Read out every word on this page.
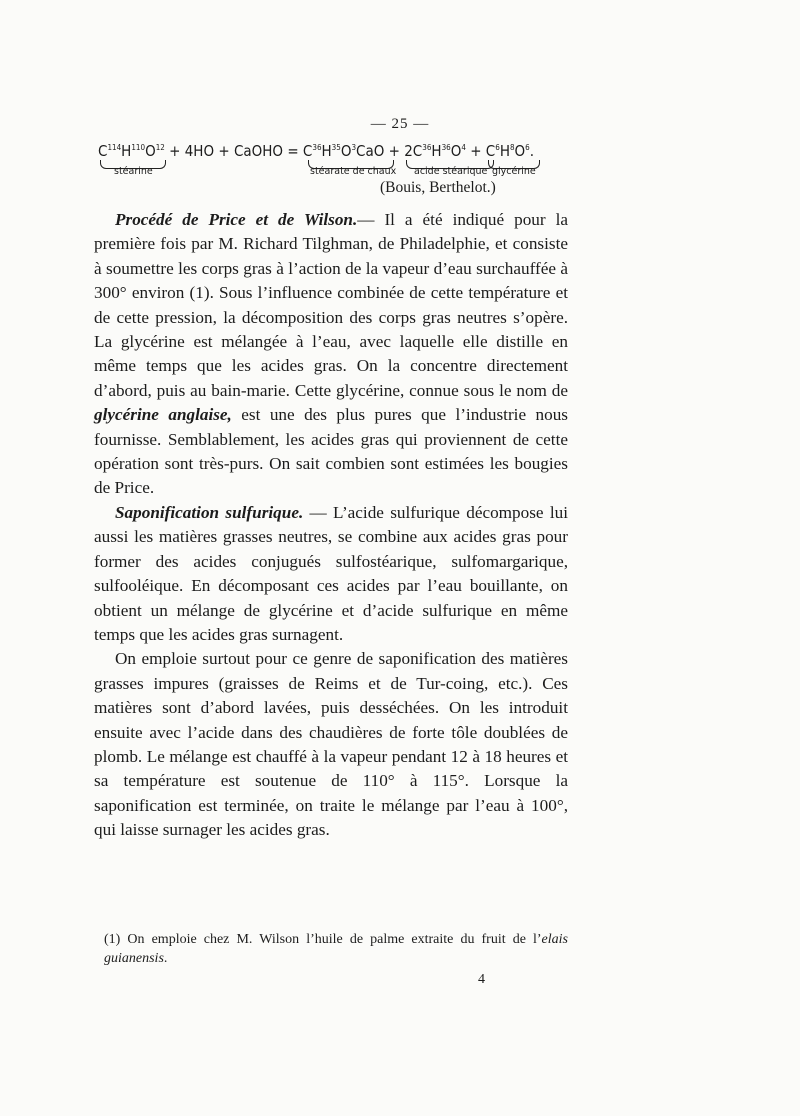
— 25 —
$C^{114}H^{110}O^{12} + 4HO$ + CaOHO = $C^{36}H^{35}O^3CaO + 2C^{36}H^{36}O^4 + C^6H^8O^6$.
stéarine	stéarate de chaux acide stéarique glycérine
(Bouis, Berthelot.)

Procédé de Price et de Wilson.— Il a été indiqué pour la première fois par M. Richard Tilghman, de Philadelphie, et consiste à soumettre les corps gras à l’action de la vapeur d’eau surchauffée à 300° environ (1). Sous l’influence combinée de cette température et de cette pression, la décomposition des corps gras neutres s’opère. La glycérine est mélangée à l’eau, avec laquelle elle distille en même temps que les acides gras. On la concentre directement d’abord, puis au bain-marie. Cette glycérine, connue sous le nom de glycérine anglaise, est une des plus pures que l’industrie nous fournisse. Semblablement, les acides gras qui proviennent de cette opération sont très-purs. On sait combien sont estimées les bougies de Price.

Saponification sulfurique. — L’acide sulfurique décompose lui aussi les matières grasses neutres, se combine aux acides gras pour former des acides conjugués sulfostéarique, sulfomargarique, sulfooléique. En décomposant ces acides par l’eau bouillante, on obtient un mélange de glycérine et d’acide sulfurique en même temps que les acides gras surnagent.

On emploie surtout pour ce genre de saponification des matières grasses impures (graisses de Reims et de Tur-coing, etc.). Ces matières sont d’abord lavées, puis desséchées. On les introduit ensuite avec l’acide dans des chaudières de forte tôle doublées de plomb. Le mélange est chauffé à la vapeur pendant 12 à 18 heures et sa température est soutenue de 110° à 115°. Lorsque la saponification est terminée, on traite le mélange par l’eau à 100°, qui laisse surnager les acides gras.

(1) On emploie chez M. Wilson l’huile de palme extraite du fruit de l’elais guianensis.

4
